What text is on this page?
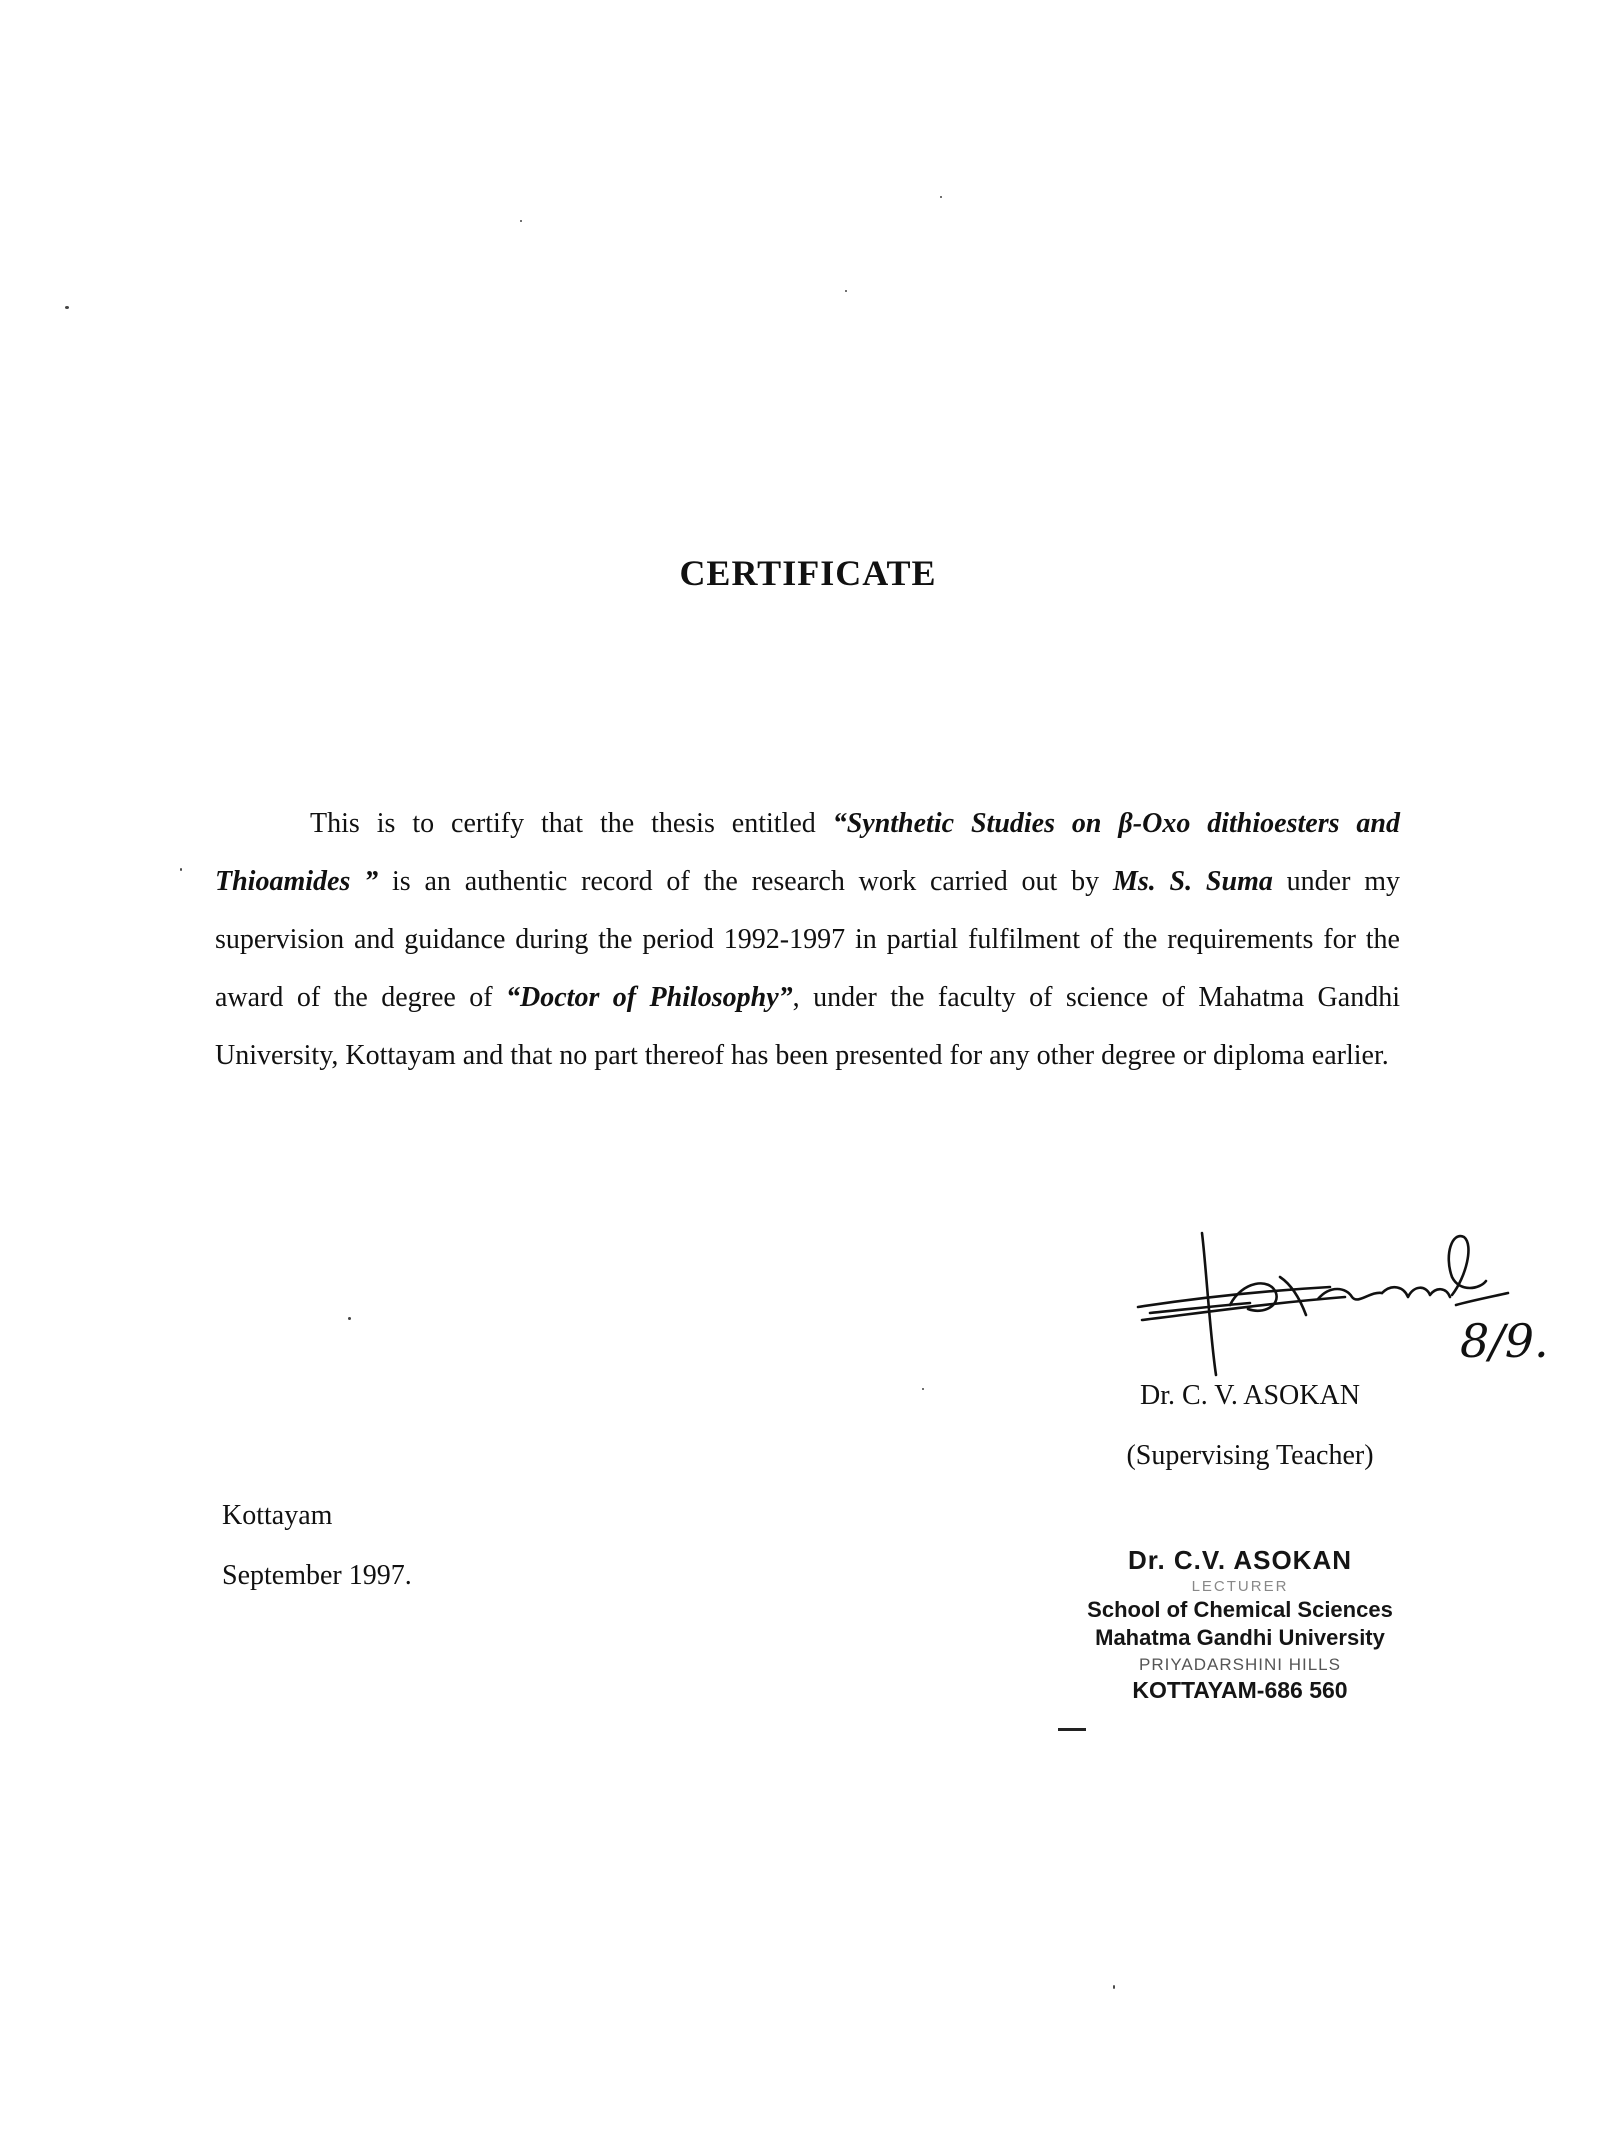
CERTIFICATE
This is to certify that the thesis entitled “Synthetic Studies on β-Oxo dithioesters and Thioamides ” is an authentic record of the research work carried out by Ms. S. Suma under my supervision and guidance during the period 1992-1997 in partial fulfilment of the requirements for the award of the degree of “Doctor of Philosophy”, under the faculty of science of Mahatma Gandhi University, Kottayam and that no part thereof has been presented for any other degree or diploma earlier.
8/9.
Dr. C. V. ASOKAN
(Supervising Teacher)
Kottayam
September 1997.	Dr. C.V. ASOKAN
LECTURER
School of Chemical Sciences
Mahatma Gandhi University
PRIYADARSHINI HILLS
KOTTAYAM-686 560
